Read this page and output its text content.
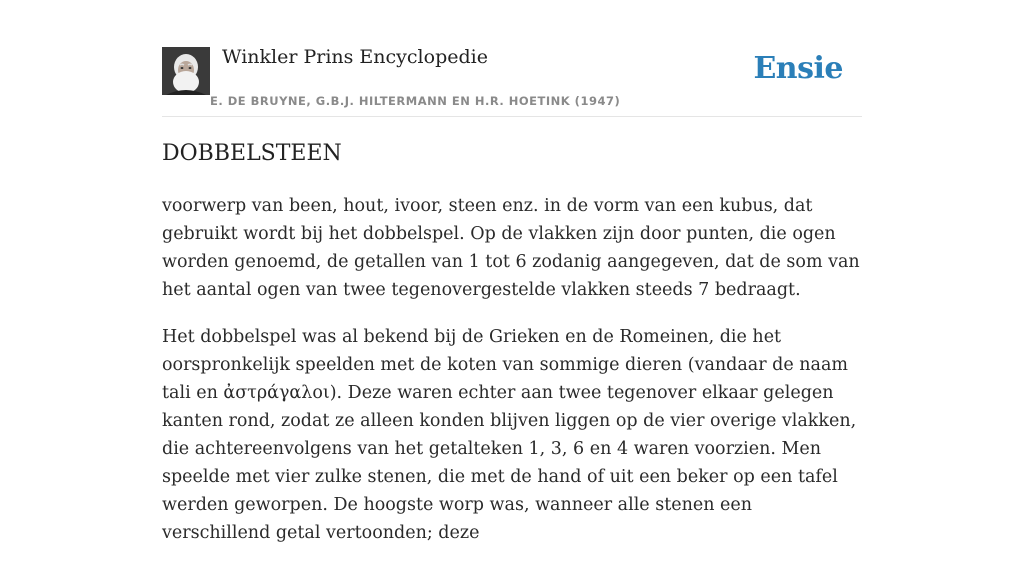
Winkler Prins Encyclopedie
E. DE BRUYNE, G.B.J. HILTERMANN EN H.R. HOETINK (1947)
Ensie
DOBBELSTEEN

voorwerp van been, hout, ivoor, steen enz. in de vorm van een kubus, dat gebruikt wordt bij het dobbelspel. Op de vlakken zijn door punten, die ogen worden genoemd, de getallen van 1 tot 6 zodanig aangegeven, dat de som van het aantal ogen van twee tegenovergestelde vlakken steeds 7 bedraagt.

Het dobbelspel was al bekend bij de Grieken en de Romeinen, die het oorspronkelijk speelden met de koten van sommige dieren (vandaar de naam tali en ἀστράγαλοι). Deze waren echter aan twee tegenover elkaar gelegen kanten rond, zodat ze alleen konden blijven liggen op de vier overige vlakken, die achtereenvolgens van het getalteken 1, 3, 6 en 4 waren voorzien. Men speelde met vier zulke stenen, die met de hand of uit een beker op een tafel werden geworpen. De hoogste worp was, wanneer alle stenen een verschillend getal vertoonden; deze
